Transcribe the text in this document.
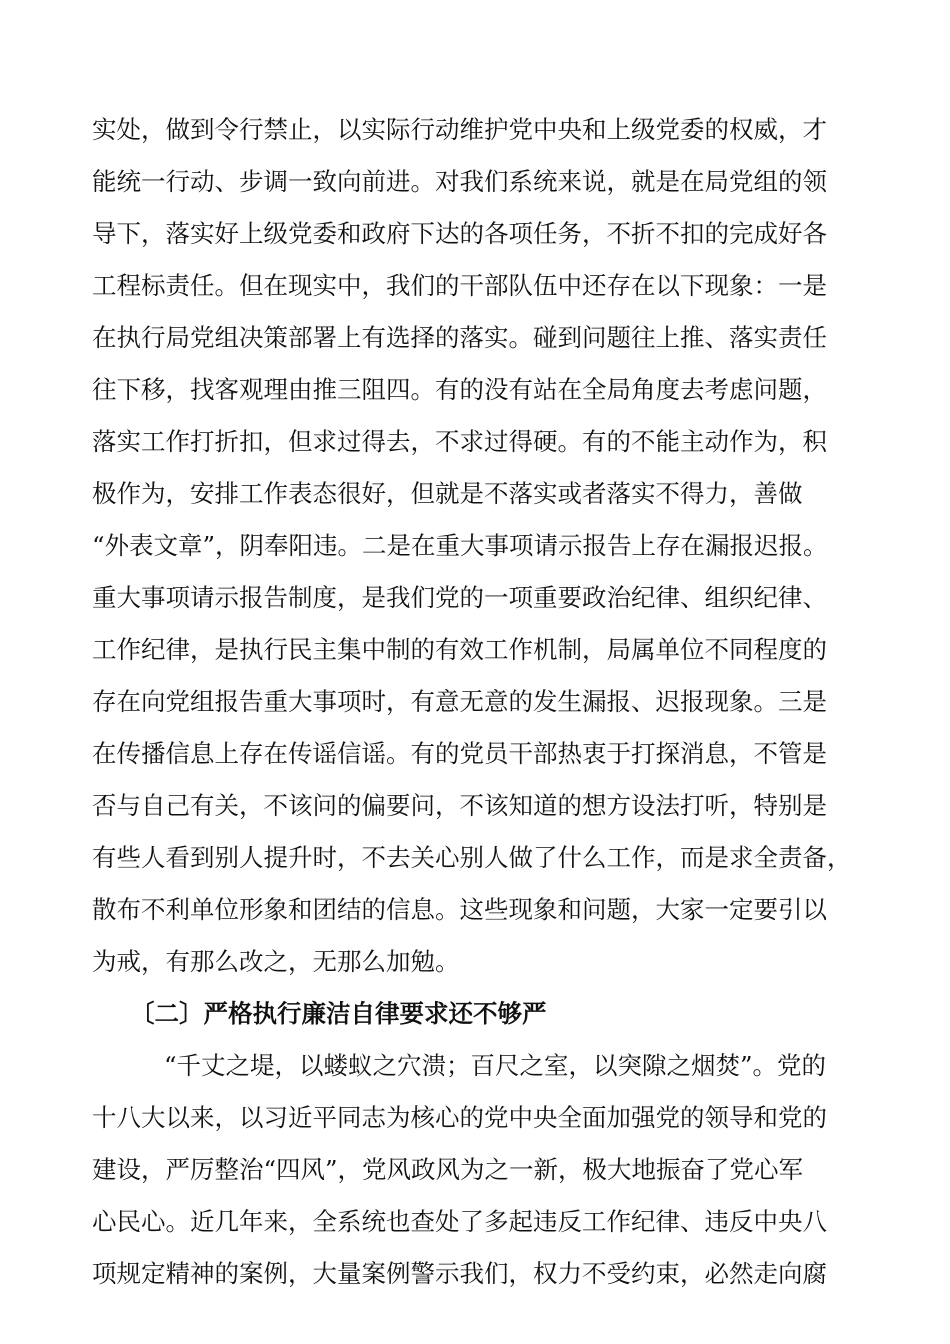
实处，做到令行禁止，以实际行动维护党中央和上级党委的权威，才
能统一行动、步调一致向前进。对我们系统来说，就是在局党组的领
导下，落实好上级党委和政府下达的各项任务，不折不扣的完成好各
工程标责任。但在现实中，我们的干部队伍中还存在以下现象：一是
在执行局党组决策部署上有选择的落实。碰到问题往上推、落实责任
往下移，找客观理由推三阻四。有的没有站在全局角度去考虑问题，
落实工作打折扣，但求过得去，不求过得硬。有的不能主动作为，积
极作为，安排工作表态很好，但就是不落实或者落实不得力，善做
“外表文章”，阴奉阳违。二是在重大事项请示报告上存在漏报迟报。
重大事项请示报告制度，是我们党的一项重要政治纪律、组织纪律、
工作纪律，是执行民主集中制的有效工作机制，局属单位不同程度的
存在向党组报告重大事项时，有意无意的发生漏报、迟报现象。三是
在传播信息上存在传谣信谣。有的党员干部热衷于打探消息，不管是
否与自己有关，不该问的偏要问，不该知道的想方设法打听，特别是
有些人看到别人提升时，不去关心别人做了什么工作，而是求全责备，
散布不利单位形象和团结的信息。这些现象和问题，大家一定要引以
为戒，有那么改之，无那么加勉。
〔二〕严格执行廉洁自律要求还不够严
“千丈之堤，以蝼蚁之穴溃；百尺之室，以突隙之烟焚”。党的
十八大以来，以习近平同志为核心的党中央全面加强党的领导和党的
建设，严厉整治“四风”，党风政风为之一新，极大地振奋了党心军
心民心。近几年来，全系统也查处了多起违反工作纪律、违反中央八
项规定精神的案例，大量案例警示我们，权力不受约束，必然走向腐
